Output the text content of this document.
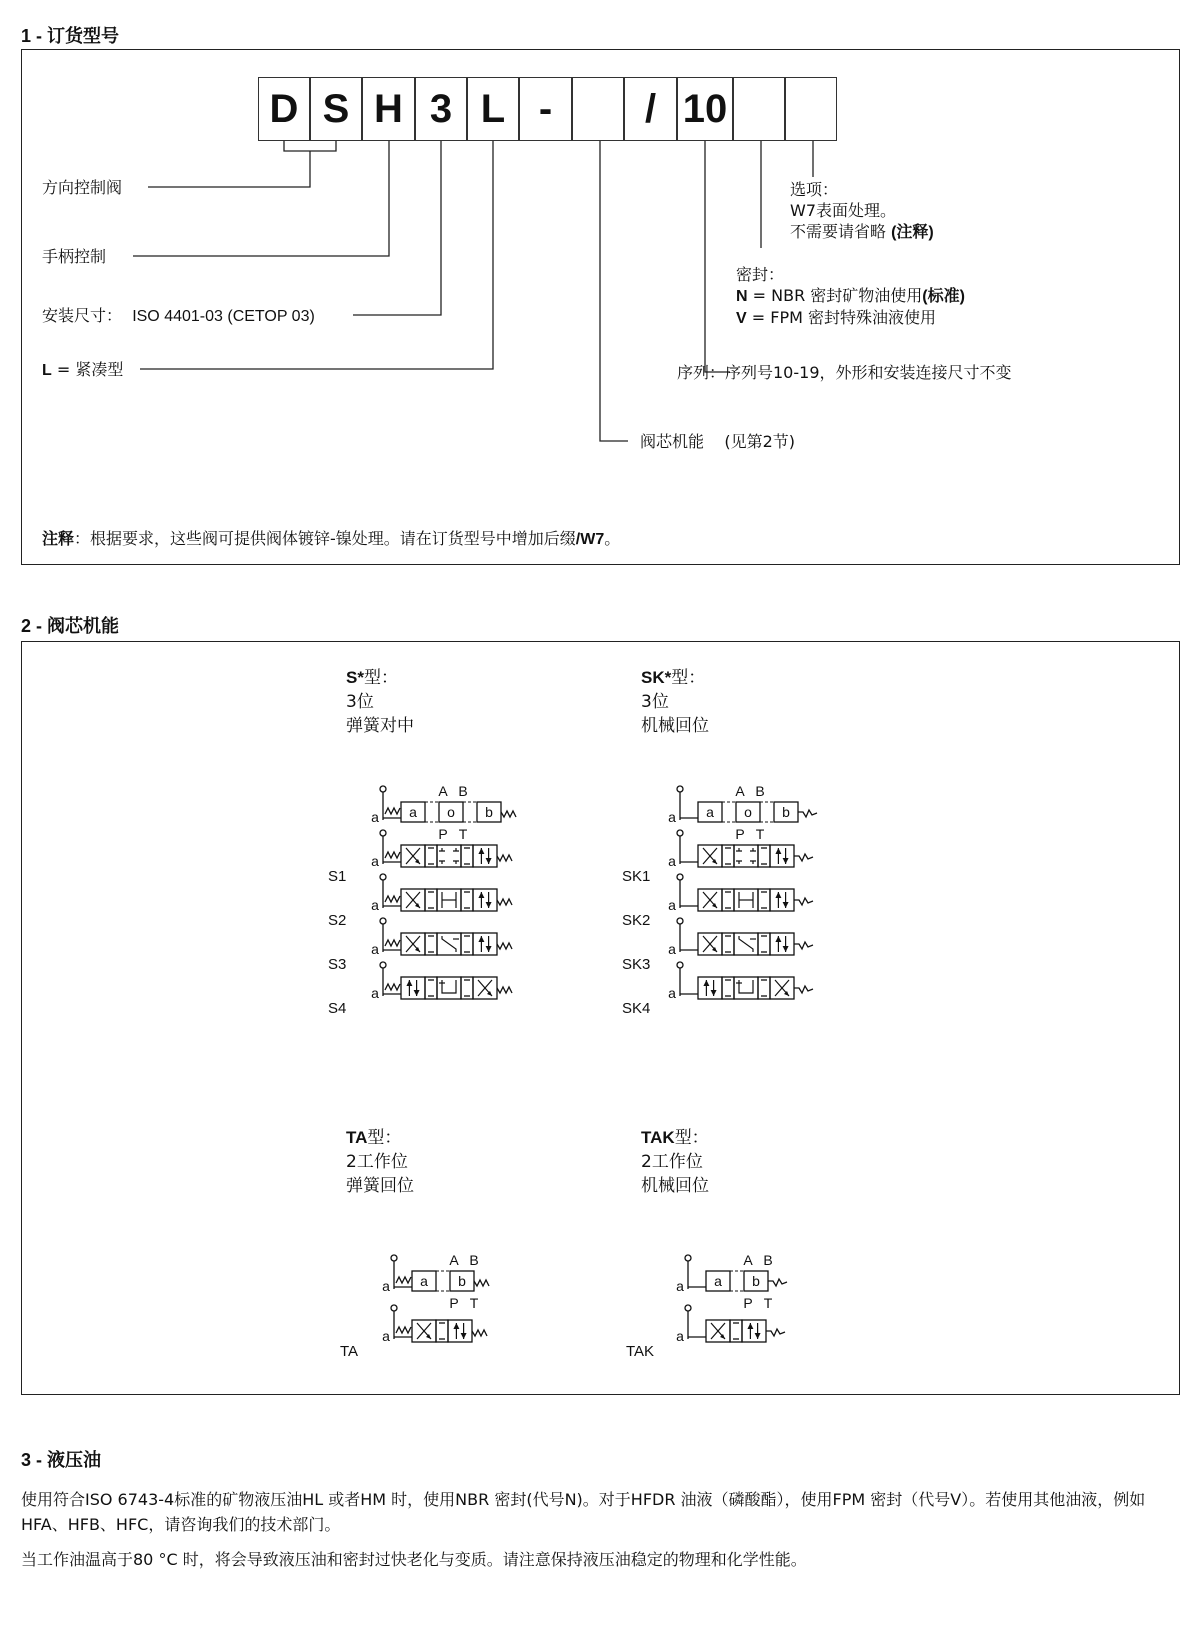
1 - 订货型号
D S H 3 L -	/ 10
方向控制阀
手柄控制
安装尺寸： ISO 4401-03 (CETOP 03)
L = 紧凑型
阀芯机能 (见第2节)
序列：序列号10-19，外形和安装连接尺寸不变
密封：
N = NBR 密封矿物油使用(标准)
V = FPM 密封特殊油液使用
选项：
W7表面处理。
不需要请省略 (注释)
注释：根据要求，这些阀可提供阀体镀锌-镍处理。请在订货型号中增加后缀/W7。
2 - 阀芯机能
S*型：
3位
弹簧对中
SK*型：
3位
机械回位
TA型：
2工作位
弹簧回位
TAK型：
2工作位
机械回位
S1
S2
S3
S4
SK1
SK2
SK3
SK4
TA	TAK
a a o b
A B
P T
a
a
a
a
a a o b
A B
P T
a
a
a
a
a a b
A B
P T
a
a a b
A B
P T
a
3 - 液压油
使用符合ISO 6743-4标准的矿物液压油HL 或者HM 时，使用NBR 密封(代号N)。对于HFDR 油液（磷酸酯），使用FPM 密封（代号V）。若使用其他油液，例如HFA、HFB、HFC，请咨询我们的技术部门。
当工作油温高于80 °C 时，将会导致液压油和密封过快老化与变质。请注意保持液压油稳定的物理和化学性能。
